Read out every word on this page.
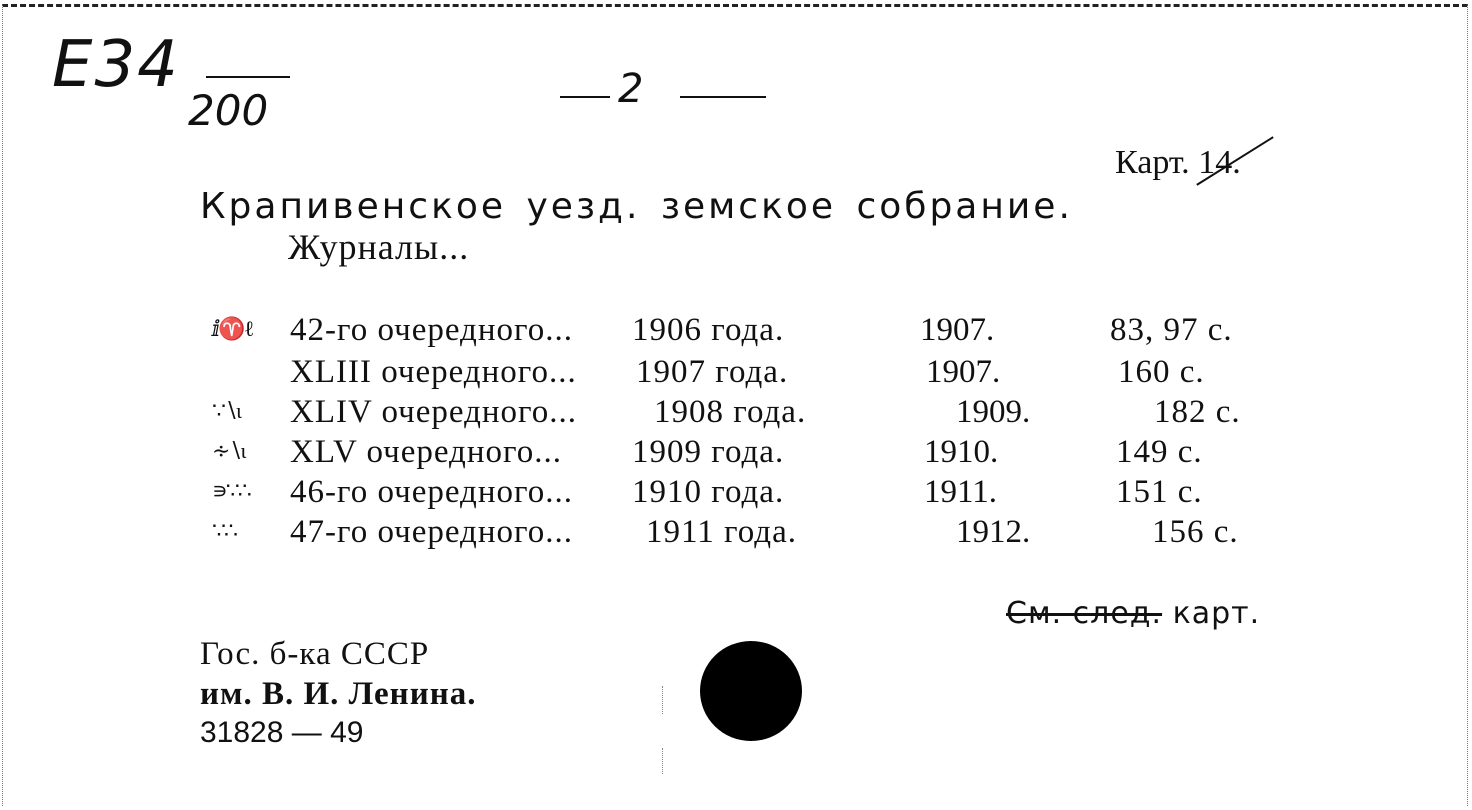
E34
200	2
Карт. 14.
Крапивенское уезд. земское собрание.
Журналы...
ⅈ♈ℓ 42-го очередного... 1906 года.	1907.	83, 97 с.
XLIII очередного... 1907 года.	1907.	160 с.
∵∖ι XLIV очередного... 1908 года.	1909.	182 с.
∻∖ι XLV очередного... 1909 года.	1910.	149 с.
∍∵∴ 46-го очередного... 1910 года.	1911.	151 с.
∵∴ 47-го очередного... 1911 года.	1912.	156 с.
См. след. карт.
Гос. б-ка СССР
им. В. И. Ленина.
31828 — 49
